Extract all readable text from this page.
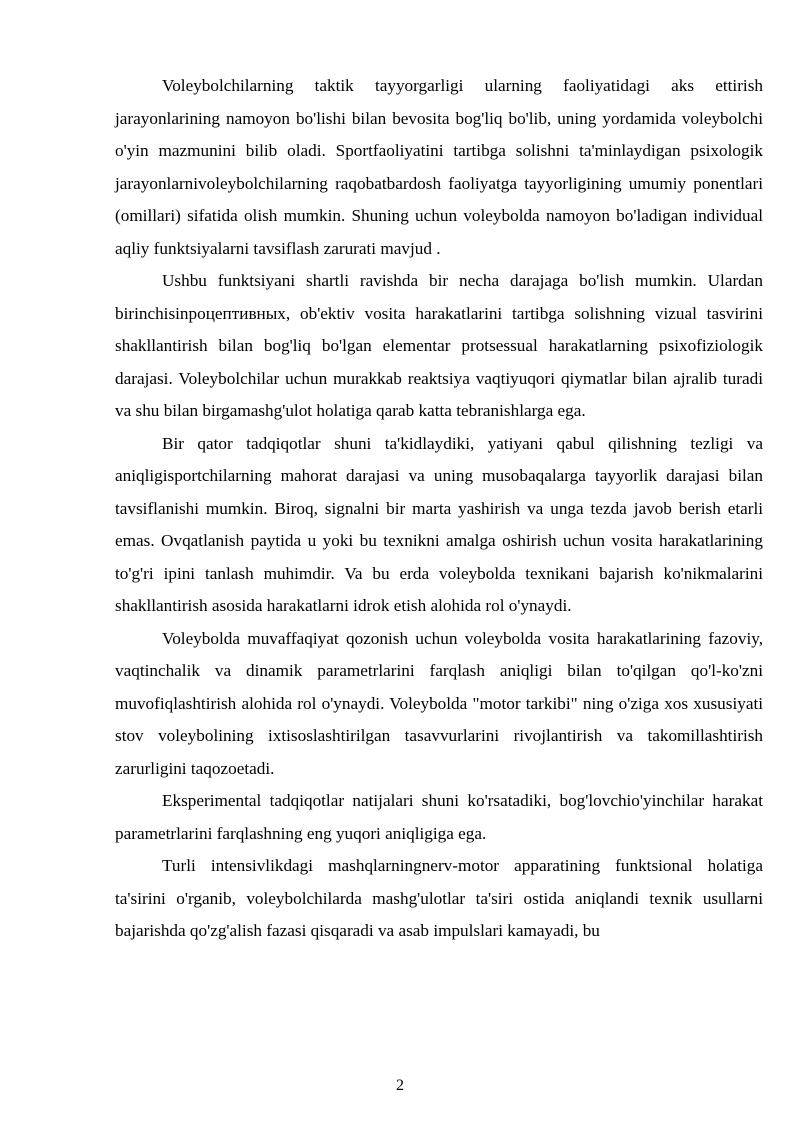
Voleybolchilarning taktik tayyorgarligi ularning faoliyatidagi aks ettirish jarayonlarining namoyon bo'lishi bilan bevosita bog'liq bo'lib, uning yordamida voleybolchi o'yin mazmunini bilib oladi. Sportfaoliyatini tartibga solishni ta'minlaydigan psixologik jarayonlarnivoleybolchilarning raqobatbardosh faoliyatga tayyorligining umumiy ponentlari (omillari) sifatida olish mumkin. Shuning uchun voleybolda namoyon bo'ladigan individual aqliy funktsiyalarni tavsiflash zarurati mavjud .

Ushbu funktsiyani shartli ravishda bir necha darajaga bo'lish mumkin. Ulardan birinchisinроцептивных, ob'ektiv vosita harakatlarini tartibga solishning vizual tasvirini shakllantirish bilan bog'liq bo'lgan elementar protsessual harakatlarning psixofiziologik darajasi. Voleybolchilar uchun murakkab reaktsiya vaqtiyuqori qiymatlar bilan ajralib turadi va shu bilan birgamashg'ulot holatiga qarab katta tebranishlarga ega.

Bir qator tadqiqotlar shuni ta'kidlaydiki, yatiyani qabul qilishning tezligi va aniqligisportchilarning mahorat darajasi va uning musobaqalarga tayyorlik darajasi bilan tavsiflanishi mumkin. Biroq, signalni bir marta yashirish va unga tezda javob berish etarli emas. Ovqatlanish paytida u yoki bu texnikni amalga oshirish uchun vosita harakatlarining to'g'ri ipini tanlash muhimdir. Va bu erda voleybolda texnikani bajarish ko'nikmalarini shakllantirish asosida harakatlarni idrok etish alohida rol o'ynaydi.

Voleybolda muvaffaqiyat qozonish uchun voleybolda vosita harakatlarining fazoviy, vaqtinchalik va dinamik parametrlarini farqlash aniqligi bilan to'qilgan qo'l-ko'zni muvofiqlashtirish alohida rol o'ynaydi. Voleybolda "motor tarkibi" ning o'ziga xos xususiyati stov voleybolining ixtisoslashtirilgan tasavvurlarini rivojlantirish va takomillashtirish zarurligini taqozoetadi.

Eksperimental tadqiqotlar natijalari shuni ko'rsatadiki, bog'lovchio'yinchilar harakat parametrlarini farqlashning eng yuqori aniqligiga ega.

Turli intensivlikdagi mashqlarningnerv-motor apparatining funktsional holatiga ta'sirini o'rganib, voleybolchilarda mashg'ulotlar ta'siri ostida aniqlandi texnik usullarni bajarishda qo'zg'alish fazasi qisqaradi va asab impulslari kamayadi, bu

2
